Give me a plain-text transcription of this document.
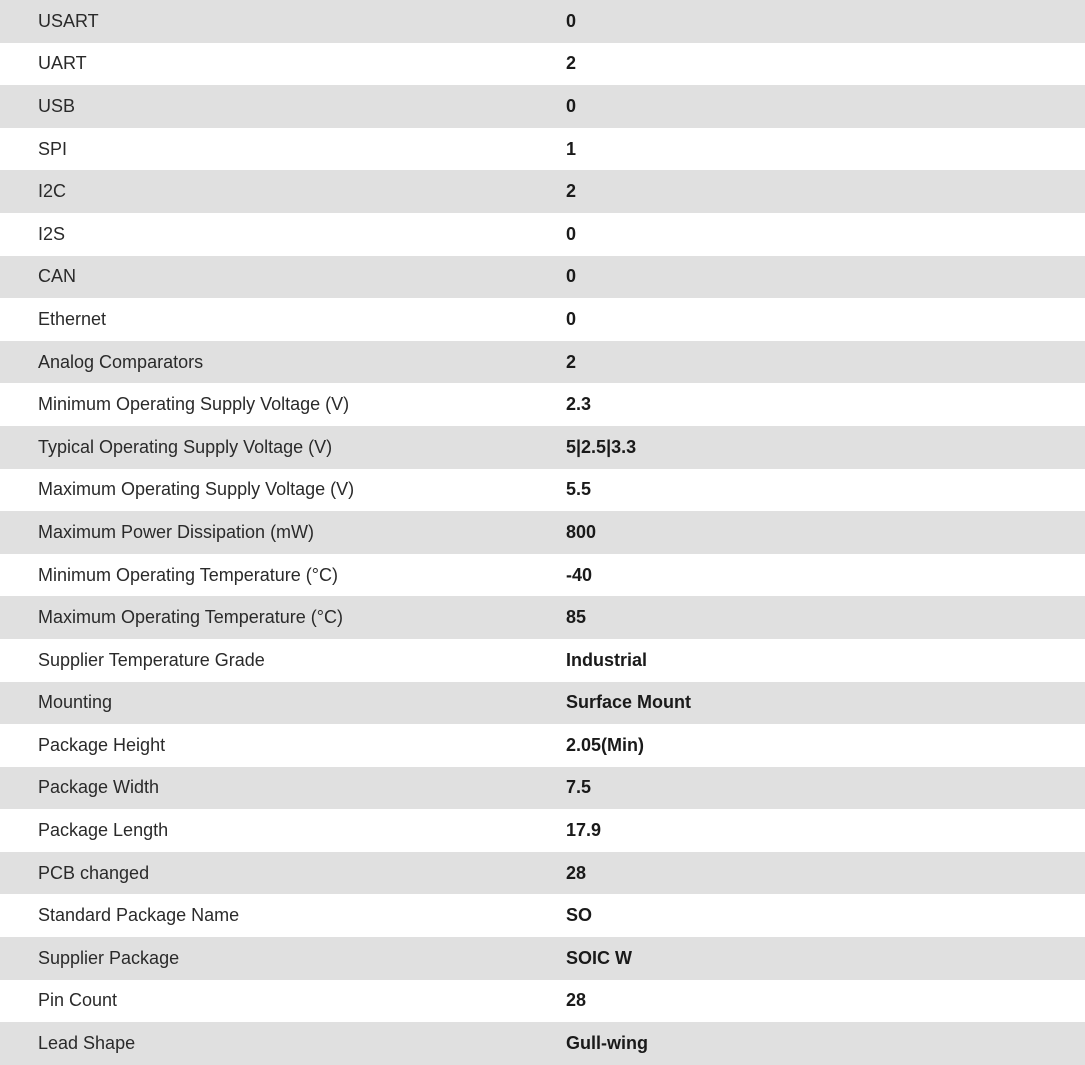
USART	0
UART	2
USB	0
SPI	1
I2C	2
I2S	0
CAN	0
Ethernet	0
Analog Comparators	2
Minimum Operating Supply Voltage (V)	2.3
Typical Operating Supply Voltage (V)	5|2.5|3.3
Maximum Operating Supply Voltage (V)	5.5
Maximum Power Dissipation (mW)	800
Minimum Operating Temperature (°C)	-40
Maximum Operating Temperature (°C)	85
Supplier Temperature Grade	Industrial
Mounting	Surface Mount
Package Height	2.05(Min)
Package Width	7.5
Package Length	17.9
PCB changed	28
Standard Package Name	SO
Supplier Package	SOIC W
Pin Count	28
Lead Shape	Gull-wing
